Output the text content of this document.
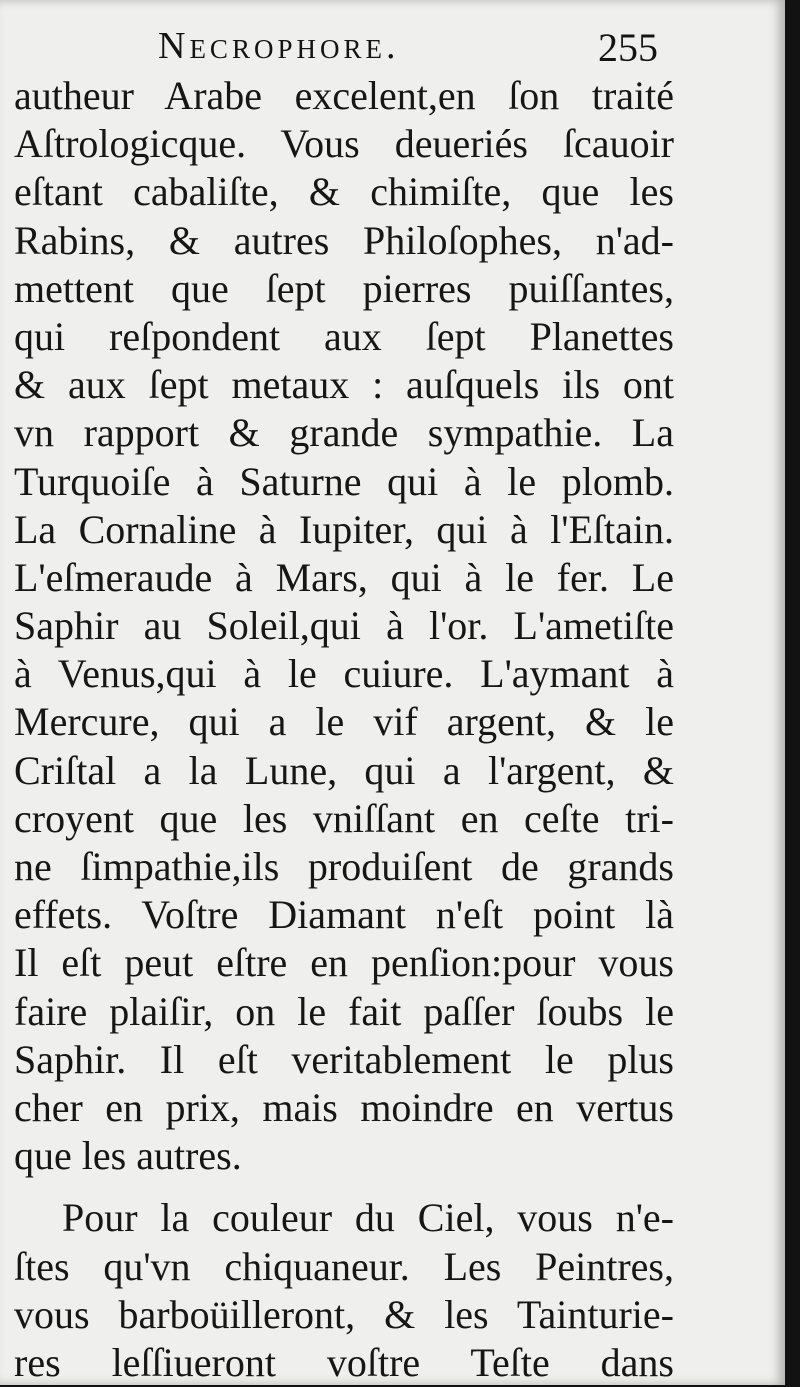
Necrophore.	255
autheur Arabe excelent,en ſon traité
Aſtrologicque. Vous deueriés ſcauoir
eſtant cabaliſte, & chimiſte, que les
Rabins, & autres Philoſophes, n'ad-
mettent que ſept pierres puiſſantes,
qui reſpondent aux ſept Planettes
& aux ſept metaux : auſquels ils ont
vn rapport & grande sympathie. La
Turquoiſe à Saturne qui à le plomb.
La Cornaline à Iupiter, qui à l'Eſtain.
L'eſmeraude à Mars, qui à le fer. Le
Saphir au Soleil,qui à l'or. L'ametiſte
à Venus,qui à le cuiure. L'aymant à
Mercure, qui a le vif argent, & le
Criſtal a la Lune, qui a l'argent, &
croyent que les vniſſant en ceſte tri-
ne ſimpathie,ils produiſent de grands
effets. Voſtre Diamant n'eſt point là
Il eſt peut eſtre en penſion:pour vous
faire plaiſir, on le fait paſſer ſoubs le
Saphir. Il eſt veritablement le plus
cher en prix, mais moindre en vertus
que les autres.
Pour la couleur du Ciel, vous n'e-
ſtes qu'vn chiquaneur. Les Peintres,
vous barboüilleront, & les Tainturie-
res leſſiueront voſtre Teſte dans
